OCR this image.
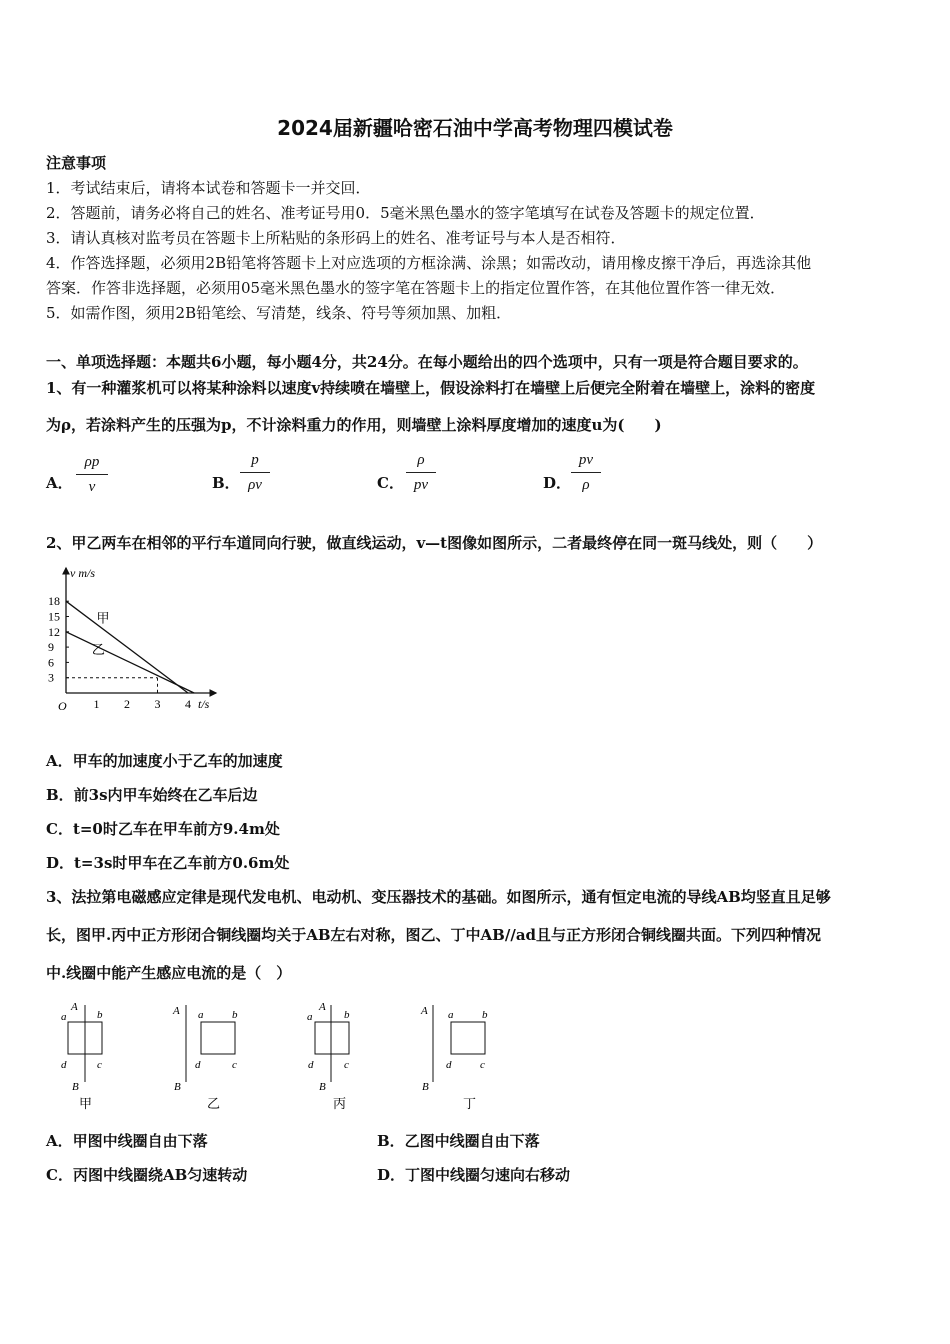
2024届新疆哈密石油中学高考物理四模试卷
注意事项
1．考试结束后，请将本试卷和答题卡一并交回．
2．答题前，请务必将自己的姓名、准考证号用0．5毫米黑色墨水的签字笔填写在试卷及答题卡的规定位置．
3．请认真核对监考员在答题卡上所粘贴的条形码上的姓名、准考证号与本人是否相符．
4．作答选择题，必须用2B铅笔将答题卡上对应选项的方框涂满、涂黑；如需改动，请用橡皮擦干净后，再选涂其他
答案．作答非选择题，必须用05毫米黑色墨水的签字笔在答题卡上的指定位置作答，在其他位置作答一律无效．
5．如需作图，须用2B铅笔绘、写清楚，线条、符号等须加黑、加粗．
一、单项选择题：本题共6小题，每小题4分，共24分。在每小题给出的四个选项中，只有一项是符合题目要求的。
1、有一种灌浆机可以将某种涂料以速度v持续喷在墙壁上，假设涂料打在墙壁上后便完全附着在墙壁上，涂料的密度
为ρ，若涂料产生的压强为p，不计涂料重力的作用，则墙壁上涂料厚度增加的速度u为(　　)
A． $\frac{\rho p}{v}$	B． $\frac{p}{\rho v}$	C． $\frac{\rho}{pv}$	D． $\frac{pv}{\rho}$
2、甲乙两车在相邻的平行车道同向行驶，做直线运动，v—t图像如图所示，二者最终停在同一斑马线处，则（　　）
v m/s
t/s
O
18
15
12
9
6
3
1 2 3 4
甲
乙
A．甲车的加速度小于乙车的加速度
B．前3s内甲车始终在乙车后边
C．t=0时乙车在甲车前方9.4m处
D．t=3s时甲车在乙车前方0.6m处
3、法拉第电磁感应定律是现代发电机、电动机、变压器技术的基础。如图所示，通有恒定电流的导线AB均竖直且足够
长，图甲.丙中正方形闭合铜线圈均关于AB左右对称，图乙、丁中AB//ad且与正方形闭合铜线圈共面。下列四种情况
中.线圈中能产生感应电流的是（　）
A
a	b
d	c
B
甲
A a	b
d	c
B
乙
A
a	b
d	c
B
丙
A a	b
d	c
B
丁
A．甲图中线圈自由下落	B．乙图中线圈自由下落
C．丙图中线圈绕AB匀速转动	D．丁图中线圈匀速向右移动
